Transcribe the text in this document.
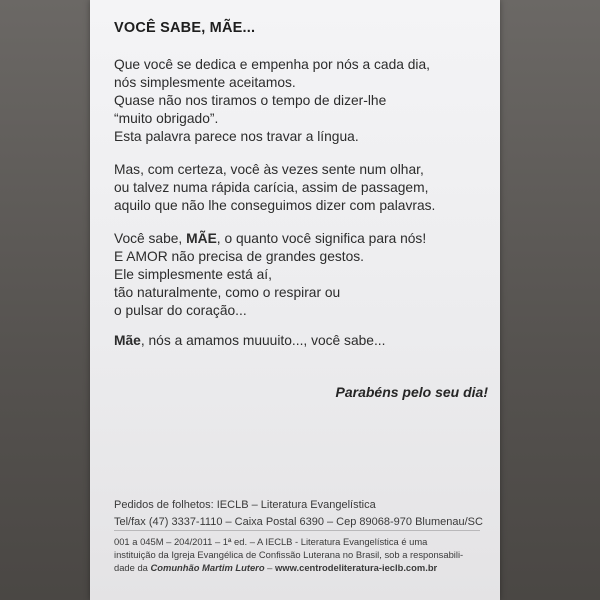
VOCÊ SABE, MÃE...
Que você se dedica e empenha por nós a cada dia,
nós simplesmente aceitamos.
Quase não nos tiramos o tempo de dizer-lhe
“muito obrigado”.
Esta palavra parece nos travar a língua.
Mas, com certeza, você às vezes sente num olhar,
ou talvez numa rápida carícia, assim de passagem,
aquilo que não lhe conseguimos dizer com palavras.
Você sabe, MÃE, o quanto você significa para nós!
E AMOR não precisa de grandes gestos.
Ele simplesmente está aí,
tão naturalmente, como o respirar ou
o pulsar do coração...
Mãe, nós a amamos muuuito..., você sabe...
Parabéns pelo seu dia!
Pedidos de folhetos: IECLB – Literatura Evangelística
Tel/fax (47) 3337-1110 – Caixa Postal 6390 – Cep 89068-970 Blumenau/SC
001 a 045M – 204/2011 – 1ª ed. – A IECLB - Literatura Evangelística é uma
instituição da Igreja Evangélica de Confissão Luterana no Brasil, sob a responsabili-
dade da Comunhão Martim Lutero – www.centrodeliteratura-ieclb.com.br
